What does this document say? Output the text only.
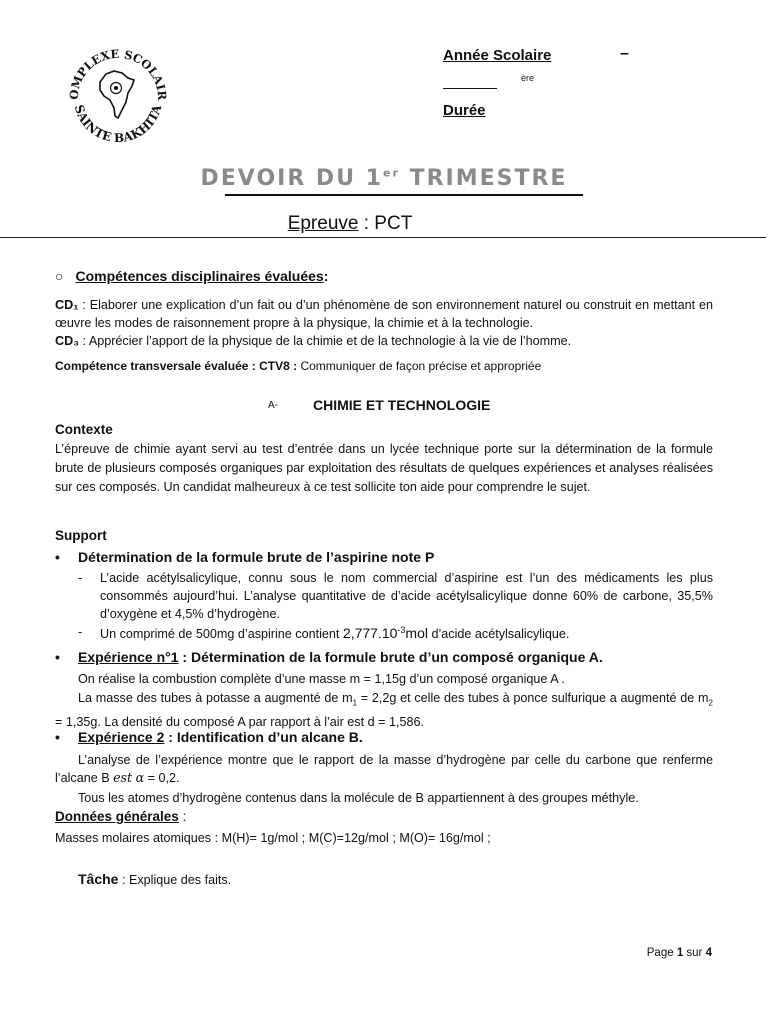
OMPLEXE SCOLAIR
SAINTE BAKHITA
Année Scolaire	–
ère
Durée
DEVOIR DU 1er TRIMESTRE
Epreuve : PCT
○ Compétences disciplinaires évaluées:
CD₁ : Elaborer une explication d’un fait ou d’un phénomène de son environnement naturel ou construit en mettant en œuvre les modes de raisonnement propre à la physique, la chimie et à la technologie.
CD₃ : Apprécier l’apport de la physique de la chimie et de la technologie à la vie de l’homme.
Compétence transversale évaluée : CTV8 : Communiquer de façon précise et appropriée
A-	CHIMIE ET TECHNOLOGIE
Contexte
L’épreuve de chimie ayant servi au test d’entrée dans un lycée technique porte sur la détermination de la formule brute de plusieurs composés organiques par exploitation des résultats de quelques expériences et analyses réalisées sur ces composés. Un candidat malheureux à ce test sollicite ton aide pour comprendre le sujet.
Support
• Détermination de la formule brute de l’aspirine note P
-	L’acide acétylsalicylique, connu sous le nom commercial d’aspirine est l’un des médicaments les plus consommés aujourd’hui. L’analyse quantitative de d’acide acétylsalicylique donne 60% de carbone, 35,5% d’oxygène et 4,5% d’hydrogène.
-	Un comprimé de 500mg d’aspirine contient $2,777.10^{-3}mol$ d’acide acétylsalicylique.
• Expérience n°1 : Détermination de la formule brute d’un composé organique A.
On réalise la combustion complète d’une masse m = 1,15g d’un composé organique A .
La masse des tubes à potasse a augmenté de $m_1 = 2,2g$ et celle des tubes à ponce sulfurique a augmenté de $m_2 = 1,35g$. La densité du composé A par rapport à l’air est d = 1,586.
• Expérience 2 : Identification d’un alcane B.
L’analyse de l’expérience montre que le rapport de la masse d’hydrogène par celle du carbone que renferme l’alcane B est α = 0,2.
Tous les atomes d’hydrogène contenus dans la molécule de B appartiennent à des groupes méthyle.
Données générales :
Masses molaires atomiques : M(H)= 1g/mol ; M(C)=12g/mol ; M(O)= 16g/mol ;
Tâche : Explique des faits.
Page 1 sur 4
